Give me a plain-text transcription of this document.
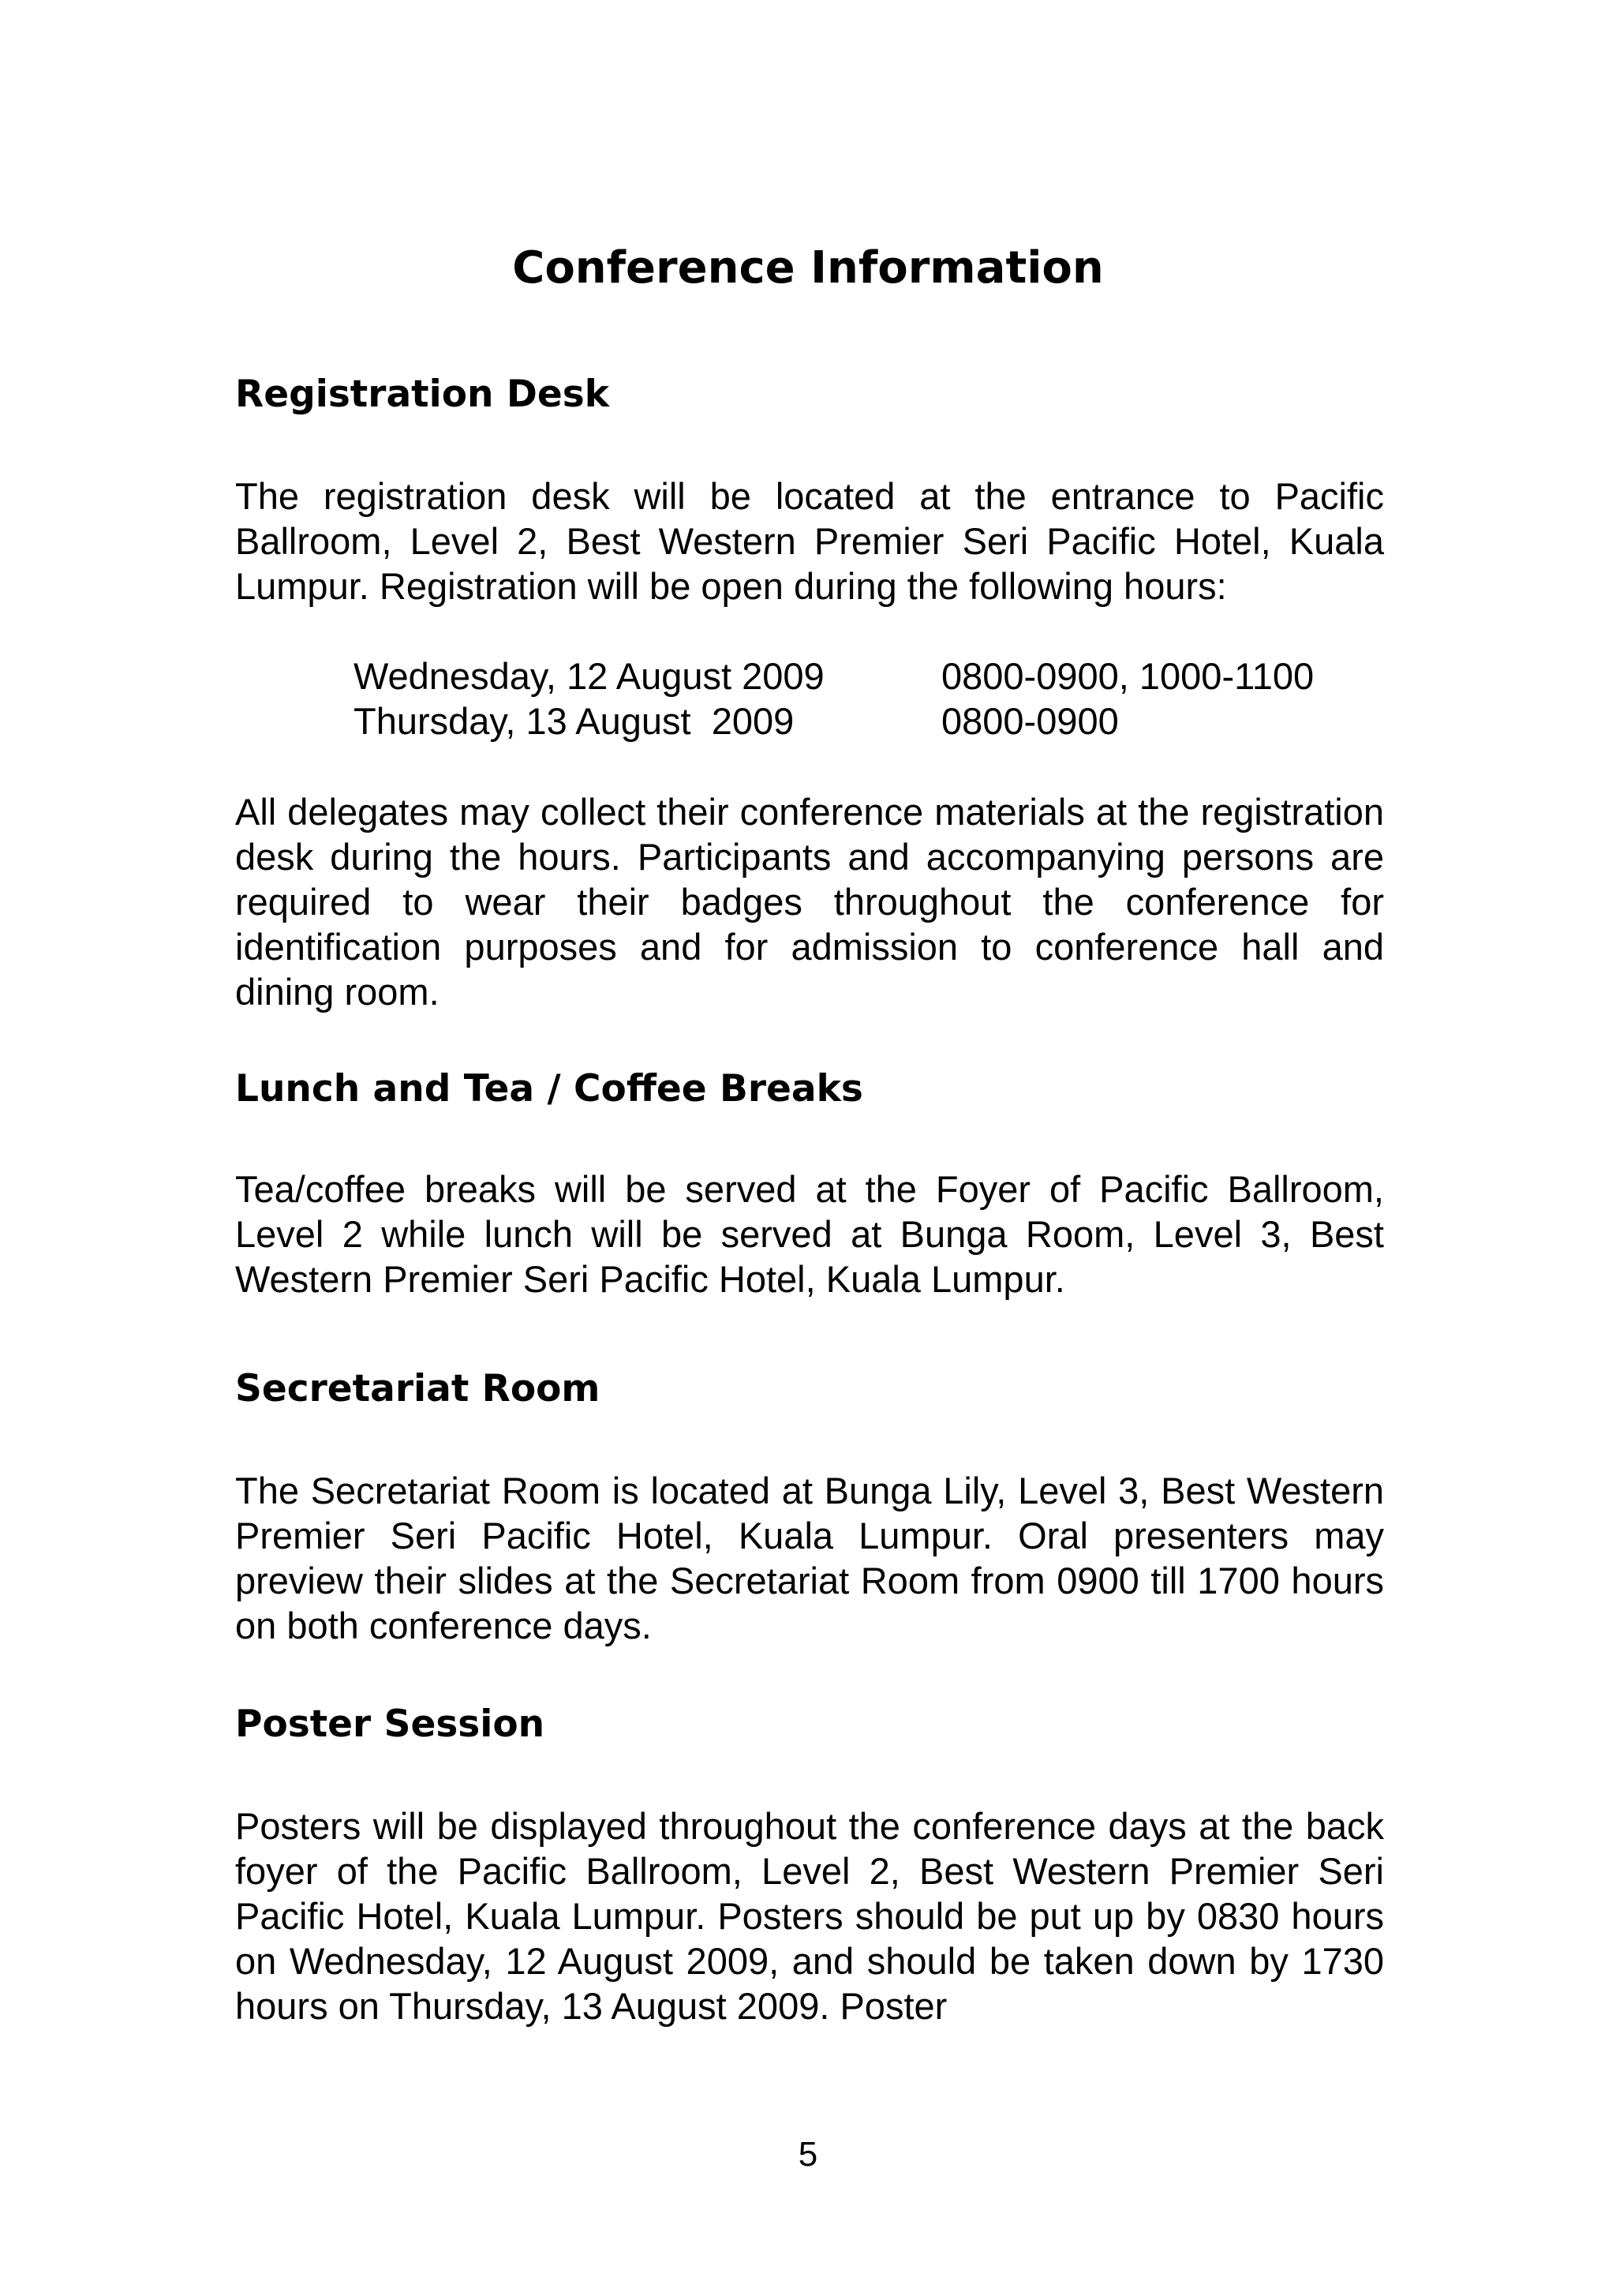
Conference Information
Registration Desk

The registration desk will be located at the entrance to Pacific Ballroom, Level 2, Best Western Premier Seri Pacific Hotel, Kuala Lumpur. Registration will be open during the following hours:

All delegates may collect their conference materials at the registration desk during the hours. Participants and accompanying persons are required to wear their badges throughout the conference for identification purposes and for admission to conference hall and dining room.

Lunch and Tea / Coffee Breaks

Tea/coffee breaks will be served at the Foyer of Pacific Ballroom, Level 2 while lunch will be served at Bunga Room, Level 3, Best Western Premier Seri Pacific Hotel, Kuala Lumpur.

Secretariat Room

The Secretariat Room is located at Bunga Lily, Level 3, Best Western Premier Seri Pacific Hotel, Kuala Lumpur. Oral presenters may preview their slides at the Secretariat Room from 0900 till 1700 hours on both conference days.

Poster Session

Posters will be displayed throughout the conference days at the back foyer of the Pacific Ballroom, Level 2, Best Western Premier Seri Pacific Hotel, Kuala Lumpur. Posters should be put up by 0830 hours on Wednesday, 12 August 2009, and should be taken down by 1730 hours on Thursday, 13 August 2009. Poster

Wednesday, 12 August 2009	0800-0900, 1000-1100
Thursday, 13 August  2009	0800-0900
5
